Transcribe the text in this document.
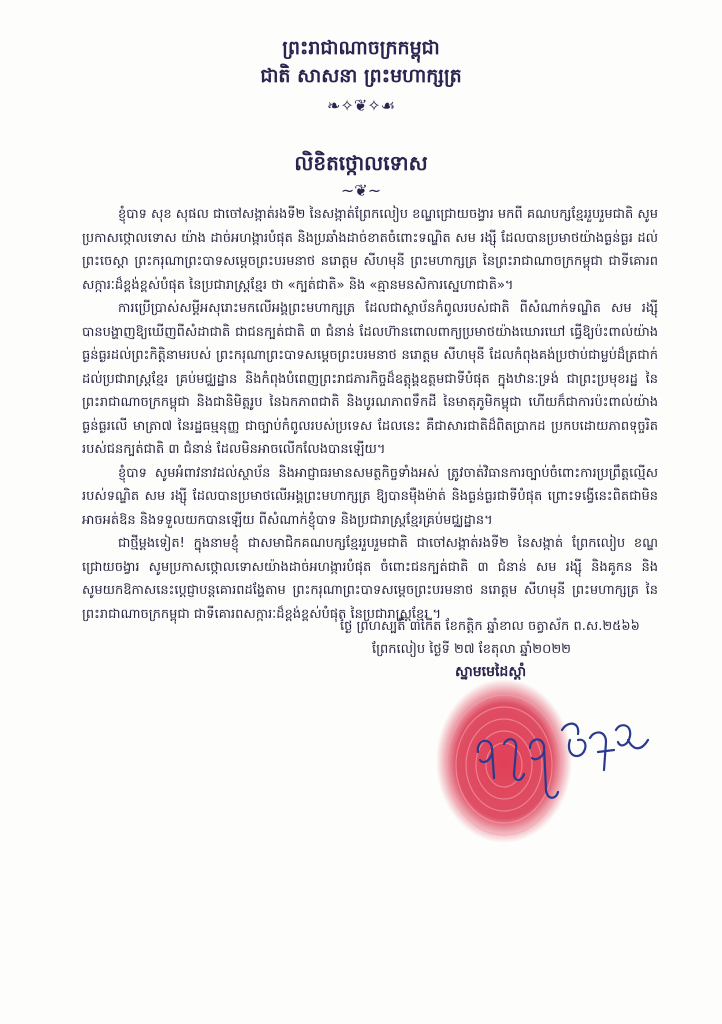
ព្រះរាជាណាចក្រកម្ពុជា
ជាតិ សាសនា ព្រះមហាក្សត្រ
❧✧❦✧☙
លិខិតថ្កោលទោស
~❦~

ខ្ញុំបាទ សុខ សុផល ជាចៅសង្កាត់រងទី២ នៃសង្កាត់ព្រែកលៀប ខណ្ឌជ្រោយចង្វារ មកពី គណបក្សខ្មែររួបរួមជាតិ សូមប្រកាសថ្កោលទោស យ៉ាង ដាច់អហង្ការបំផុត និងប្រឆាំងដាច់ខាតចំពោះទណ្ឌិត សម រង្ស៊ី ដែលបានប្រមាថយ៉ាងធ្ងន់ធ្ងរ ដល់ព្រះចេស្តា ព្រះករុណាព្រះបាទសម្តេចព្រះបរមនាថ នរោត្តម សីហមុនី ព្រះមហាក្សត្រ នៃព្រះរាជាណាចក្រកម្ពុជា ជាទីគោរពសក្ការៈដ៏ខ្ពង់ខ្ពស់បំផុត នៃប្រជារាស្ត្រខ្មែរ ថា «ក្បត់ជាតិ» និង «គ្មានមនសិការស្នេហាជាតិ»។

ការប្រើប្រាស់សម្តីអសុរោះមកលើអង្គព្រះមហាក្សត្រ ដែលជាស្ថាប័នកំពូលរបស់ជាតិ ពីសំណាក់ទណ្ឌិត សម រង្ស៊ី បានបង្ហាញឱ្យឃើញពីសំដាជាតិ ជាជនក្បត់ជាតិ ៣ ជំនាន់ ដែលហ៊ានពោលពាក្យប្រមាថយ៉ាងឃោរឃៅ ធ្វើឱ្យប៉ះពាល់យ៉ាងធ្ងន់ធ្ងរដល់ព្រះកិត្តិនាមរបស់ ព្រះករុណាព្រះបាទសម្តេចព្រះបរមនាថ នរោត្តម សីហមុនី ដែលកំពុងគង់ប្រថាប់ជាម្លប់ដ៏ត្រជាក់ដល់ប្រជារាស្ត្រខ្មែរ គ្រប់មជ្ឈដ្ឋាន និងកំពុងបំពេញព្រះរាជភារកិច្ចដ៏ឧត្តុង្គឧត្តមជាទីបំផុត ក្នុងឋានៈទ្រង់ ជាព្រះប្រមុខរដ្ឋ នៃព្រះរាជាណាចក្រកម្ពុជា និងជានិមិត្តរូប នៃឯកភាពជាតិ និងបូរណភាពទឹកដី នៃមាតុភូមិកម្ពុជា ហើយក៏ជាការប៉ះពាល់យ៉ាងធ្ងន់ធ្ងរលើ មាត្រា៧ នៃរដ្ឋធម្មនុញ្ញ ជាច្បាប់កំពូលរបស់ប្រទេស ដែលនេះ គឺជាសារជាតិដ៏ពិតប្រាកដ ប្រកបដោយភាពទុច្ចរិតរបស់ជនក្បត់ជាតិ ៣ ជំនាន់ ដែលមិនអាចលើកលែងបានឡើយ។

ខ្ញុំបាទ សូមអំពាវនាវដល់ស្ថាប័ន និងអាជ្ញាធរមានសមត្ថកិច្ចទាំងអស់ ត្រូវចាត់វិធានការច្បាប់ចំពោះការប្រព្រឹត្តល្មើសរបស់ទណ្ឌិត សម រង្ស៊ី ដែលបានប្រមាថលើអង្គព្រះមហាក្សត្រ ឱ្យបានម៉ឺងម៉ាត់ និងធ្ងន់ធ្ងរជាទីបំផុត ព្រោះទង្វើនេះពិតជាមិនអាចអត់ឱន និងទទួលយកបានឡើយ ពីសំណាក់ខ្ញុំបាទ និងប្រជារាស្ត្រខ្មែរគ្រប់មជ្ឈដ្ឋាន។

ជាថ្មីម្តងទៀត! ក្នុងនាមខ្ញុំ ជាសមាជិកគណបក្សខ្មែររួបរួមជាតិ ជាចៅសង្កាត់រងទី២ នៃសង្កាត់ ព្រែកលៀប ខណ្ឌជ្រោយចង្វារ សូមប្រកាសថ្កោលទោសយ៉ាងដាច់អហង្ការបំផុត ចំពោះជនក្បត់ជាតិ ៣ ជំនាន់ សម រង្ស៊ី និងគូកន និងសូមយកឱកាសនេះប្តេជ្ញាបន្តគោរពដង្ហែតាម ព្រះករុណាព្រះបាទសម្តេចព្រះបរមនាថ នរោត្តម សីហមុនី ព្រះមហាក្សត្រ នៃ ព្រះរាជាណាចក្រកម្ពុជា ជាទីគោរពសក្ការៈដ៏ខ្ពង់ខ្ពស់បំផុត នៃប្រជារាស្ត្រខ្មែរ ។

ថ្ងៃ ព្រហស្បតិ៍ ៣កើត ខែកត្តិក ឆ្នាំខាល ចត្វាស័ក ព.ស.២៥៦៦
ព្រែកលៀប ថ្ងៃទី ២៧ ខែតុលា ឆ្នាំ២០២២
ស្នាមមេដៃស្តាំ
